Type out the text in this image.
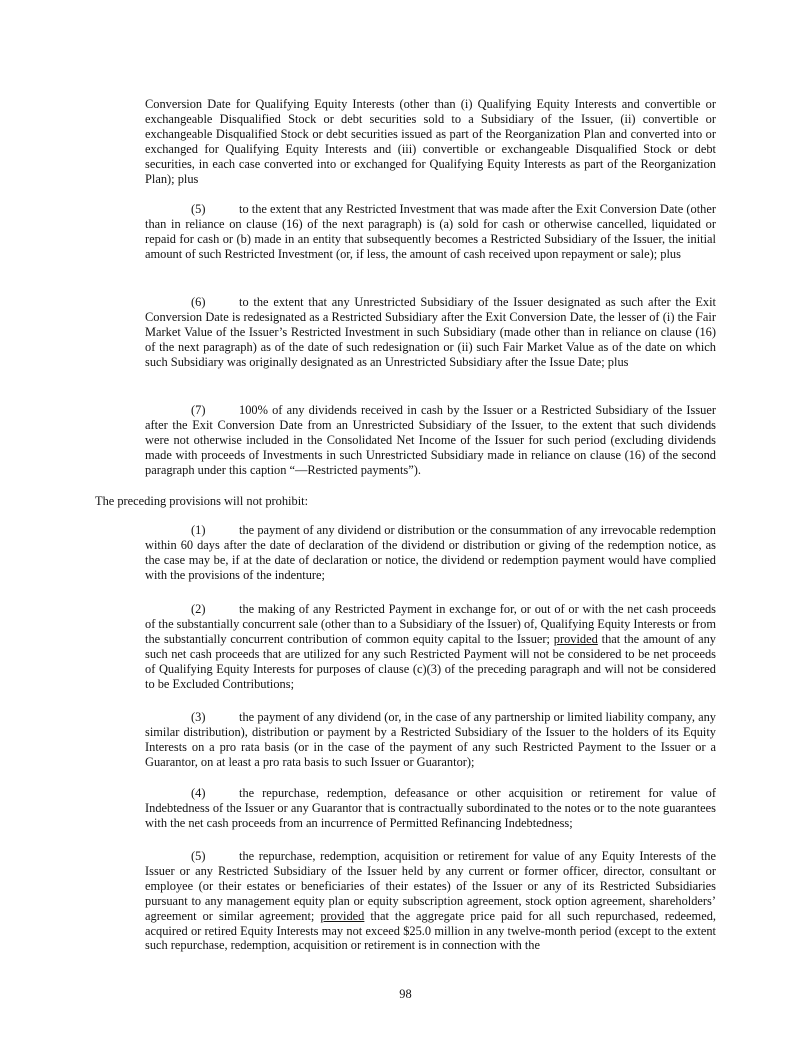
Conversion Date for Qualifying Equity Interests (other than (i) Qualifying Equity Interests and convertible or exchangeable Disqualified Stock or debt securities sold to a Subsidiary of the Issuer, (ii) convertible or exchangeable Disqualified Stock or debt securities issued as part of the Reorganization Plan and converted into or exchanged for Qualifying Equity Interests and (iii) convertible or exchangeable Disqualified Stock or debt securities, in each case converted into or exchanged for Qualifying Equity Interests as part of the Reorganization Plan); plus

(5)	to the extent that any Restricted Investment that was made after the Exit Conversion Date (other than in reliance on clause (16) of the next paragraph) is (a) sold for cash or otherwise cancelled, liquidated or repaid for cash or (b) made in an entity that subsequently becomes a Restricted Subsidiary of the Issuer, the initial amount of such Restricted Investment (or, if less, the amount of cash received upon repayment or sale); plus

(6)	to the extent that any Unrestricted Subsidiary of the Issuer designated as such after the Exit Conversion Date is redesignated as a Restricted Subsidiary after the Exit Conversion Date, the lesser of (i) the Fair Market Value of the Issuer’s Restricted Investment in such Subsidiary (made other than in reliance on clause (16) of the next paragraph) as of the date of such redesignation or (ii) such Fair Market Value as of the date on which such Subsidiary was originally designated as an Unrestricted Subsidiary after the Issue Date; plus

(7)	100% of any dividends received in cash by the Issuer or a Restricted Subsidiary of the Issuer after the Exit Conversion Date from an Unrestricted Subsidiary of the Issuer, to the extent that such dividends were not otherwise included in the Consolidated Net Income of the Issuer for such period (excluding dividends made with proceeds of Investments in such Unrestricted Subsidiary made in reliance on clause (16) of the second paragraph under this caption “—Restricted payments”).

The preceding provisions will not prohibit:

(1)	the payment of any dividend or distribution or the consummation of any irrevocable redemption within 60 days after the date of declaration of the dividend or distribution or giving of the redemption notice, as the case may be, if at the date of declaration or notice, the dividend or redemption payment would have complied with the provisions of the indenture;

(2)	the making of any Restricted Payment in exchange for, or out of or with the net cash proceeds of the substantially concurrent sale (other than to a Subsidiary of the Issuer) of, Qualifying Equity Interests or from the substantially concurrent contribution of common equity capital to the Issuer; provided that the amount of any such net cash proceeds that are utilized for any such Restricted Payment will not be considered to be net proceeds of Qualifying Equity Interests for purposes of clause (c)(3) of the preceding paragraph and will not be considered to be Excluded Contributions;

(3)	the payment of any dividend (or, in the case of any partnership or limited liability company, any similar distribution), distribution or payment by a Restricted Subsidiary of the Issuer to the holders of its Equity Interests on a pro rata basis (or in the case of the payment of any such Restricted Payment to the Issuer or a Guarantor, on at least a pro rata basis to such Issuer or Guarantor);

(4)	the repurchase, redemption, defeasance or other acquisition or retirement for value of Indebtedness of the Issuer or any Guarantor that is contractually subordinated to the notes or to the note guarantees with the net cash proceeds from an incurrence of Permitted Refinancing Indebtedness;

(5)	the repurchase, redemption, acquisition or retirement for value of any Equity Interests of the Issuer or any Restricted Subsidiary of the Issuer held by any current or former officer, director, consultant or employee (or their estates or beneficiaries of their estates) of the Issuer or any of its Restricted Subsidiaries pursuant to any management equity plan or equity subscription agreement, stock option agreement, shareholders’ agreement or similar agreement; provided that the aggregate price paid for all such repurchased, redeemed, acquired or retired Equity Interests may not exceed $25.0 million in any twelve-month period (except to the extent such repurchase, redemption, acquisition or retirement is in connection with the

98
